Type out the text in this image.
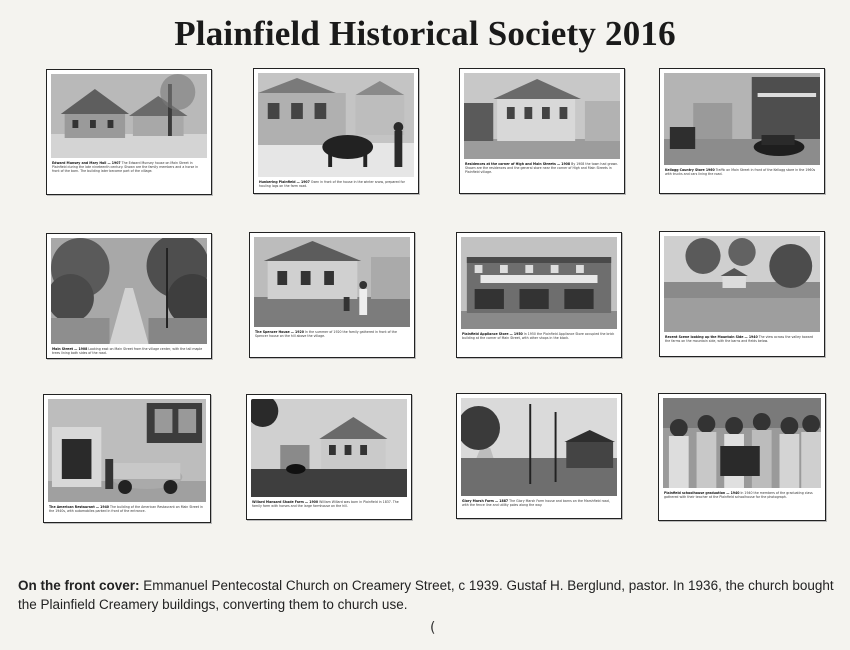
Plainfield Historical Society 2016
Edward Munsey and Mary Hall — 1907 The Edward Munsey house on Main Street in Plainfield during the late nineteenth century. Shown are the family members and a horse in front of the barn. The building later became part of the village.
Hunkering Plainfield — 1907 Oxen in front of the house in the winter snow, prepared for hauling logs on the farm road.
Residences at the corner of High and Main Streets — 1908 By 1908 the town had grown. Shown are the residences and the general store near the corner of High and Main Streets in Plainfield village.
Kellogg Country Store 1960 Traffic on Main Street in front of the Kellogg store in the 1960s with trucks and cars lining the road.
Main Street — 1908 Looking east on Main Street from the village center, with the tall maple trees lining both sides of the road.
The Spencer House — 1920 In the summer of 1920 the family gathered in front of the Spencer house on the hill above the village.
Plainfield Appliance Store — 1950 In 1950 the Plainfield Appliance Store occupied the brick building at the corner of Main Street, with other shops in the block.	Recent Scene looking up the Mountain Side — 1940 The view across the valley toward the farms on the mountain side, with the barns and fields below.
The American Restaurant — 1940 The building of the American Restaurant on Main Street in the 1940s, with automobiles parked in front of the entrance.
Willard Mansard Shade Farm — 1900 William Willard was born in Plainfield in 1837. The family farm with horses and the large farmhouse on the hill.
Glory Marsh Farm — 1887 The Glory Marsh Farm house and barns on the Marshfield road, with the fence line and utility poles along the way.
Plainfield schoolhouse graduation — 1940 In 1940 the members of the graduating class gathered with their teacher at the Plainfield schoolhouse for the photograph.
On the front cover: Emmanuel Pentecostal Church on Creamery Street, c 1939. Gustaf H. Berglund, pastor. In 1936, the church bought the Plainfield Creamery buildings, converting them to church use.
(
